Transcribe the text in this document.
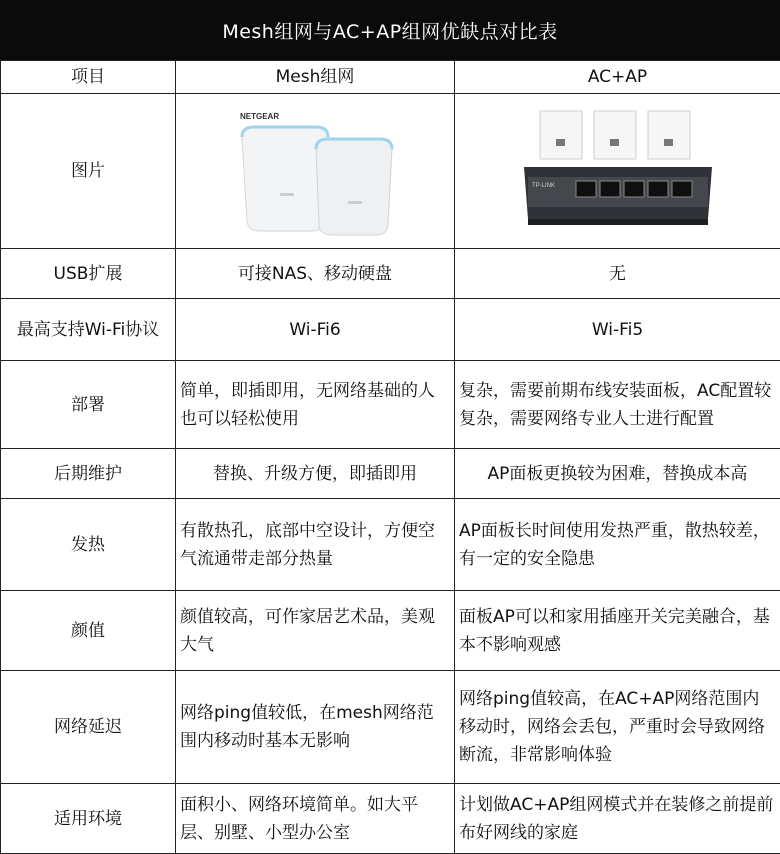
Mesh组网与AC+AP组网优缺点对比表
项目	Mesh组网	AC+AP
图片	NETGEAR	TP-LINK

USB扩展	可接NAS、移动硬盘	无
最高支持Wi-Fi协议	Wi-Fi6	Wi-Fi5
部署	简单，即插即用，无网络基础的人也可以轻松使用	复杂，需要前期布线安装面板，AC配置较复杂，需要网络专业人士进行配置
后期维护	替换、升级方便，即插即用	AP面板更换较为困难，替换成本高
发热	有散热孔，底部中空设计，方便空气流通带走部分热量	AP面板长时间使用发热严重，散热较差，有一定的安全隐患
颜值	颜值较高，可作家居艺术品，美观大气	面板AP可以和家用插座开关完美融合，基本不影响观感
网络延迟	网络ping值较低，在mesh网络范围内移动时基本无影响	网络ping值较高，在AC+AP网络范围内移动时，网络会丢包，严重时会导致网络断流，非常影响体验
适用环境	面积小、网络环境简单。如大平层、别墅、小型办公室	计划做AC+AP组网模式并在装修之前提前布好网线的家庭
